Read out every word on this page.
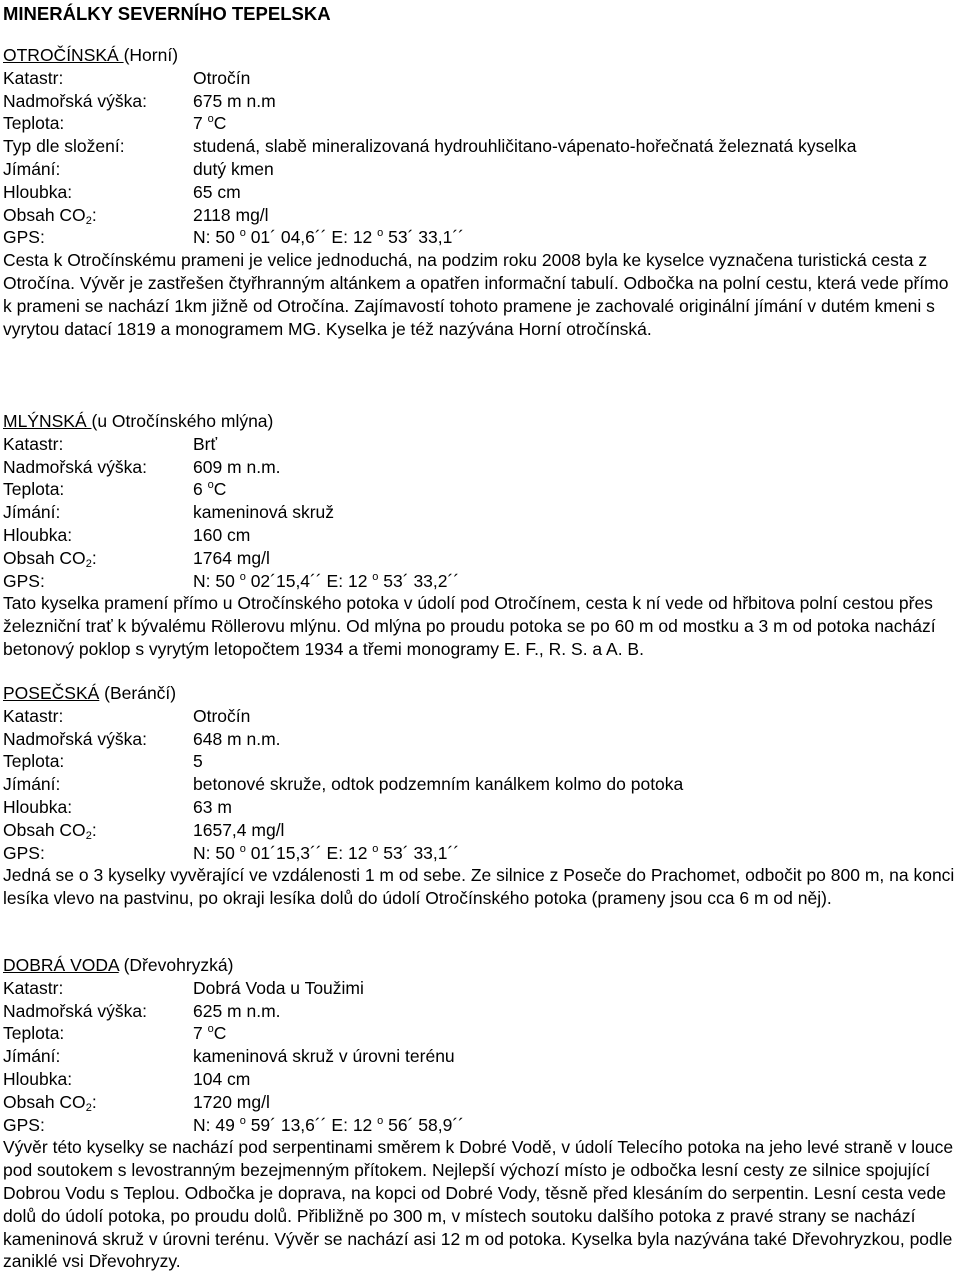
MINERÁLKY SEVERNÍHO TEPELSKA
OTROČÍNSKÁ (Horní)
Katastr:	Otročín
Nadmořská výška:	675 m n.m
Teplota:	7 $^o$C
Typ dle složení:	studená, slabě mineralizovaná hydrouhličitano-vápenato-hořečnatá železnatá kyselka
Jímání:	dutý kmen
Hloubka:	65 cm
Obsah $CO_2$:	2118 mg/l
GPS:	N: 50 $^o$ 01´ 04,6´´ E: 12 $^o$ 53´ 33,1´´
Cesta k Otročínskému prameni je velice jednoduchá, na podzim roku 2008 byla ke kyselce vyznačena turistická cesta z Otročína. Vývěr je zastřešen čtyřhranným altánkem a opatřen informační tabulí. Odbočka na polní cestu, která vede přímo k prameni se nachází 1km jižně od Otročína. Zajímavostí tohoto pramene je zachovalé originální jímání v dutém kmeni s vyrytou datací 1819 a monogramem MG. Kyselka je též nazývána Horní otročínská.
MLÝNSKÁ (u Otročínského mlýna)
Katastr:	Brť
Nadmořská výška:	609 m n.m.
Teplota:	6 $^o$C
Jímání:	kameninová skruž
Hloubka:	160 cm
Obsah $CO_2$:	1764 mg/l
GPS:	N: 50 $^o$ 02´15,4´´ E: 12 $^o$ 53´ 33,2´´
Tato kyselka pramení přímo u Otročínského potoka v údolí pod Otročínem, cesta k ní vede od hřbitova polní cestou přes železniční trať k bývalému Röllerovu mlýnu. Od mlýna po proudu potoka se po 60 m od mostku a 3 m od potoka nachází betonový poklop s vyrytým letopočtem 1934 a třemi monogramy E. F., R. S. a A. B.
POSEČSKÁ (Beránčí)
Katastr:	Otročín
Nadmořská výška:	648 m n.m.
Teplota:	5
Jímání:	betonové skruže, odtok podzemním kanálkem kolmo do potoka
Hloubka:	63 m
Obsah $CO_2$:	1657,4 mg/l
GPS:	N: 50 $^o$ 01´15,3´´ E: 12 $^o$ 53´ 33,1´´
Jedná se o 3 kyselky vyvěrající ve vzdálenosti 1 m od sebe. Ze silnice z Poseče do Prachomet, odbočit po 800 m, na konci lesíka vlevo na pastvinu, po okraji lesíka dolů do údolí Otročínského potoka (prameny jsou cca 6 m od něj).
DOBRÁ VODA (Dřevohryzká)
Katastr:	Dobrá Voda u Toužimi
Nadmořská výška:	625 m n.m.
Teplota:	7 $^o$C
Jímání:	kameninová skruž v úrovni terénu
Hloubka:	104 cm
Obsah $CO_2$:	1720 mg/l
GPS:	N: 49 $^o$ 59´ 13,6´´ E: 12 $^o$ 56´ 58,9´´
Vývěr této kyselky se nachází pod serpentinami směrem k Dobré Vodě, v údolí Telecího potoka na jeho levé straně v louce pod soutokem s levostranným bezejmenným přítokem. Nejlepší výchozí místo je odbočka lesní cesty ze silnice spojující Dobrou Vodu s Teplou. Odbočka je doprava, na kopci od Dobré Vody, těsně před klesáním do serpentin. Lesní cesta vede dolů do údolí potoka, po proudu dolů. Přibližně po 300 m, v místech soutoku dalšího potoka z pravé strany se nachází kameninová skruž v úrovni terénu. Vývěr se nachází asi 12 m od potoka. Kyselka byla nazývána také Dřevohryzkou, podle zaniklé vsi Dřevohryzy.
